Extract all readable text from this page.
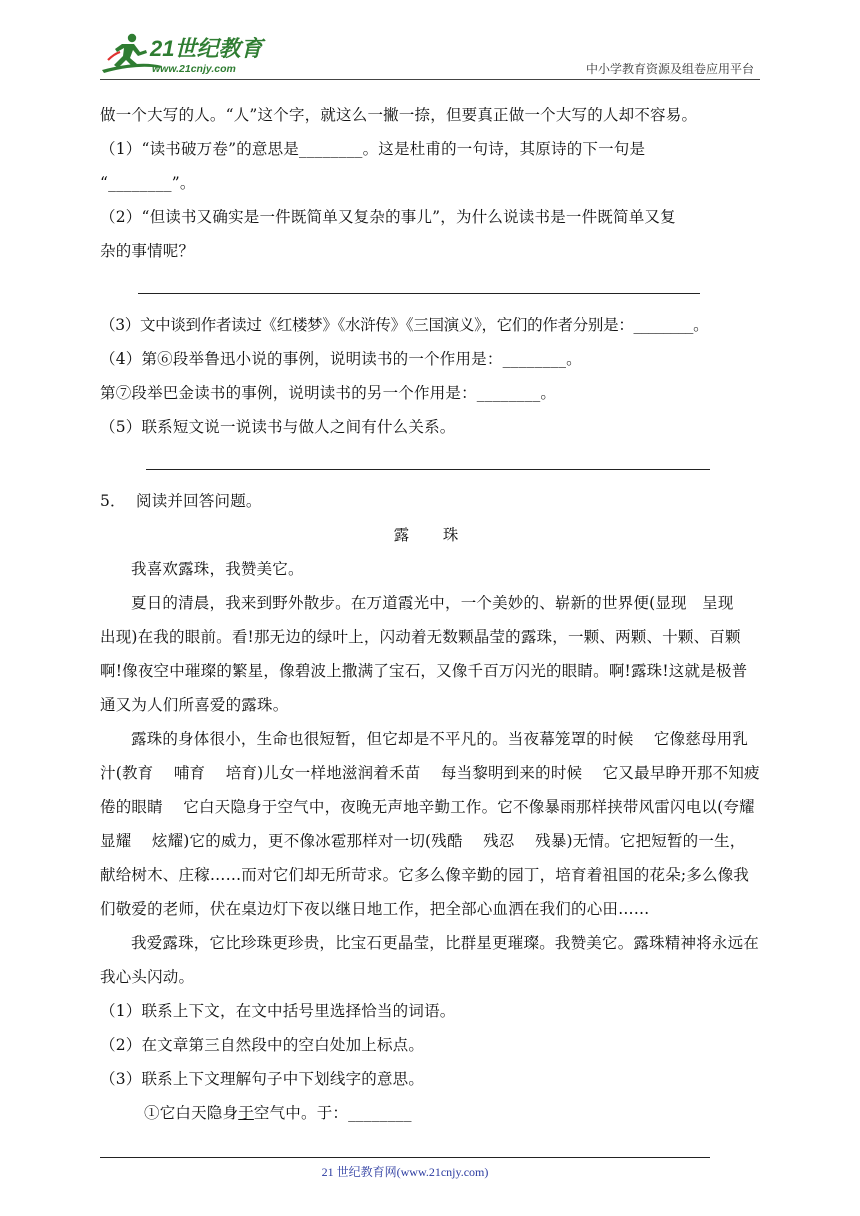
21世纪教育
www.21cnjy.com	中小学教育资源及组卷应用平台

做一个大写的人。“人”这个字，就这么一撇一捺，但要真正做一个大写的人却不容易。

（1）“读书破万卷”的意思是________。这是杜甫的一句诗，其原诗的下一句是

“________”。

（2）“但读书又确实是一件既简单又复杂的事儿”，为什么说读书是一件既简单又复

杂的事情呢？

（3）文中谈到作者读过《红楼梦》《水浒传》《三国演义》，它们的作者分别是：________。

（4）第⑥段举鲁迅小说的事例，说明读书的一个作用是：________。

第⑦段举巴金读书的事例，说明读书的另一个作用是：________。

（5）联系短文说一说读书与做人之间有什么关系。

5．  阅读并回答问题。

露  珠

我喜欢露珠，我赞美它。

夏日的清晨，我来到野外散步。在万道霞光中，一个美妙的、崭新的世界便(显现   呈现   出现)在我的眼前。看!那无边的绿叶上，闪动着无数颗晶莹的露珠，一颗、两颗、十颗、百颗啊!像夜空中璀璨的繁星，像碧波上撒满了宝石，又像千百万闪光的眼睛。啊!露珠!这就是极普通又为人们所喜爱的露珠。

露珠的身体很小，生命也很短暂，但它却是不平凡的。当夜幕笼罩的时候    它像慈母用乳汁(教育    哺育    培育)儿女一样地滋润着禾苗    每当黎明到来的时候    它又最早睁开那不知疲倦的眼睛    它白天隐身于空气中，夜晚无声地辛勤工作。它不像暴雨那样挟带风雷闪电以(夸耀    显耀    炫耀)它的威力，更不像冰雹那样对一切(残酷    残忍    残暴)无情。它把短暂的一生，献给树木、庄稼……而对它们却无所苛求。它多么像辛勤的园丁，培育着祖国的花朵;多么像我们敬爱的老师，伏在桌边灯下夜以继日地工作，把全部心血洒在我们的心田……

我爱露珠，它比珍珠更珍贵，比宝石更晶莹，比群星更璀璨。我赞美它。露珠精神将永远在我心头闪动。

（1）联系上下文，在文中括号里选择恰当的词语。

（2）在文章第三自然段中的空白处加上标点。

（3）联系上下文理解句子中下划线字的意思。

①它白天隐身于空气中。于：________

21 世纪教育网(www.21cnjy.com)
